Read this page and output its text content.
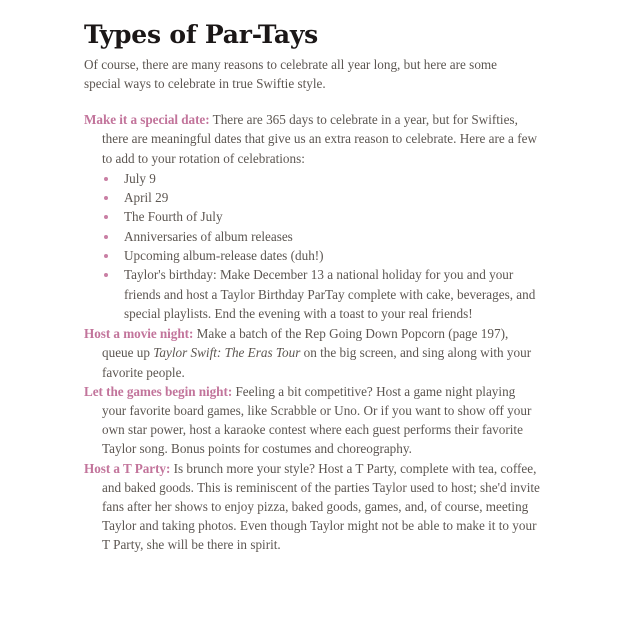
Types of Par-Tays

Of course, there are many reasons to celebrate all year long, but here are some special ways to celebrate in true Swiftie style.

Make it a special date: There are 365 days to celebrate in a year, but for Swifties, there are meaningful dates that give us an extra reason to celebrate. Here are a few to add to your rotation of celebrations:

July 9
April 29
The Fourth of July
Anniversaries of album releases
Upcoming album-release dates (duh!)
Taylor's birthday: Make December 13 a national holiday for you and your friends and host a Taylor Birthday ParTay complete with cake, beverages, and special playlists. End the evening with a toast to your real friends!

Host a movie night: Make a batch of the Rep Going Down Popcorn (page 197), queue up Taylor Swift: The Eras Tour on the big screen, and sing along with your favorite people.

Let the games begin night: Feeling a bit competitive? Host a game night playing your favorite board games, like Scrabble or Uno. Or if you want to show off your own star power, host a karaoke contest where each guest performs their favorite Taylor song. Bonus points for costumes and choreography.

Host a T Party: Is brunch more your style? Host a T Party, complete with tea, coffee, and baked goods. This is reminiscent of the parties Taylor used to host; she'd invite fans after her shows to enjoy pizza, baked goods, games, and, of course, meeting Taylor and taking photos. Even though Taylor might not be able to make it to your T Party, she will be there in spirit.
